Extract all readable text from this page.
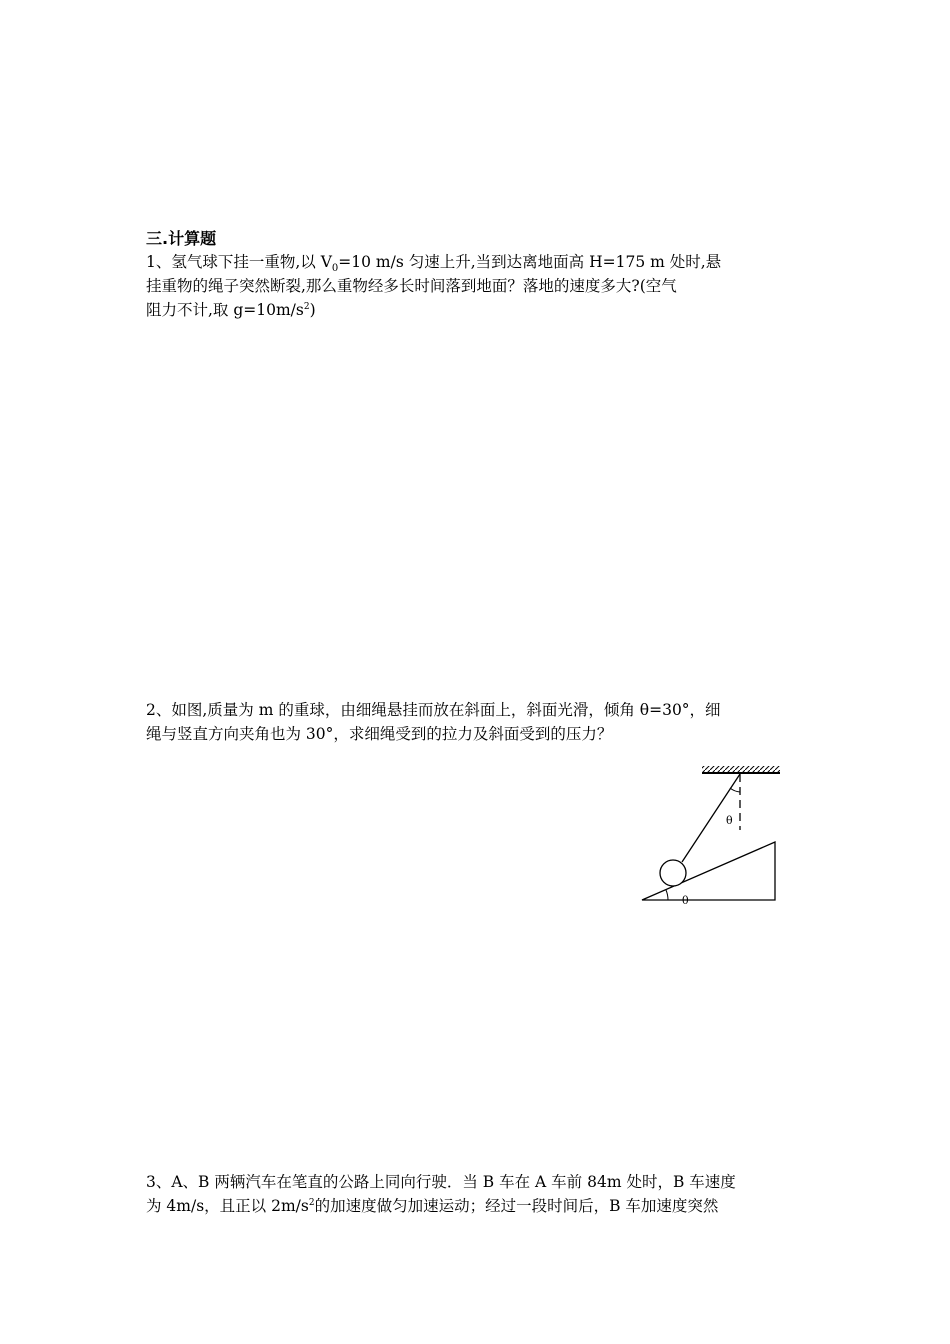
三.计算题
1、氢气球下挂一重物,以 $V_0=10$ m/s 匀速上升,当到达离地面高 H=175 m 处时,悬
挂重物的绳子突然断裂,那么重物经多长时间落到地面？落地的速度多大?(空气
阻力不计,取 $g=10m/s^2$)
2、如图,质量为 m 的重球，由细绳悬挂而放在斜面上，斜面光滑，倾角 θ=30°，细
绳与竖直方向夹角也为 30°，求细绳受到的拉力及斜面受到的压力？
θ
θ
3、A、B 两辆汽车在笔直的公路上同向行驶．当 B 车在 A 车前 84m 处时，B 车速度
为 4m/s，且正以 $2m/s^2$的加速度做匀加速运动；经过一段时间后，B 车加速度突然
